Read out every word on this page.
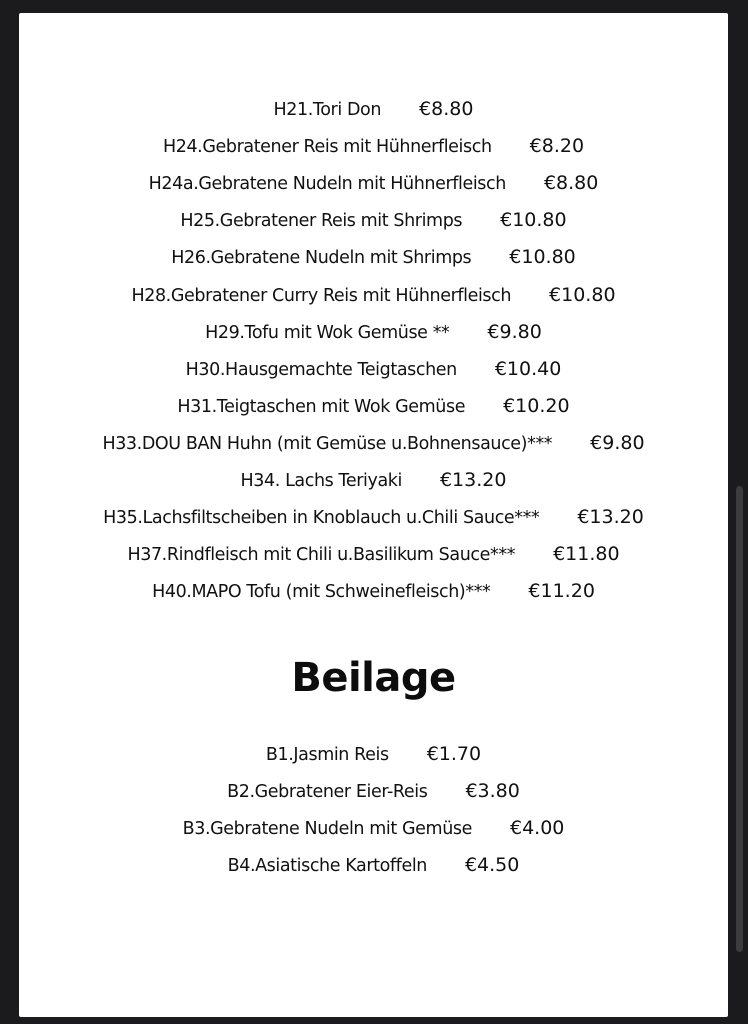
H21.Tori Don €8.80
H24.Gebratener Reis mit Hühnerfleisch €8.20
H24a.Gebratene Nudeln mit Hühnerfleisch €8.80
H25.Gebratener Reis mit Shrimps €10.80
H26.Gebratene Nudeln mit Shrimps €10.80
H28.Gebratener Curry Reis mit Hühnerfleisch €10.80
H29.Tofu mit Wok Gemüse ** €9.80
H30.Hausgemachte Teigtaschen €10.40
H31.Teigtaschen mit Wok Gemüse €10.20
H33.DOU BAN Huhn (mit Gemüse u.Bohnensauce)*** €9.80
H34. Lachs Teriyaki €13.20
H35.Lachsfiltscheiben in Knoblauch u.Chili Sauce*** €13.20
H37.Rindfleisch mit Chili u.Basilikum Sauce*** €11.80
H40.MAPO Tofu (mit Schweinefleisch)*** €11.20
Beilage
B1.Jasmin Reis €1.70
B2.Gebratener Eier-Reis €3.80
B3.Gebratene Nudeln mit Gemüse €4.00
B4.Asiatische Kartoffeln €4.50
